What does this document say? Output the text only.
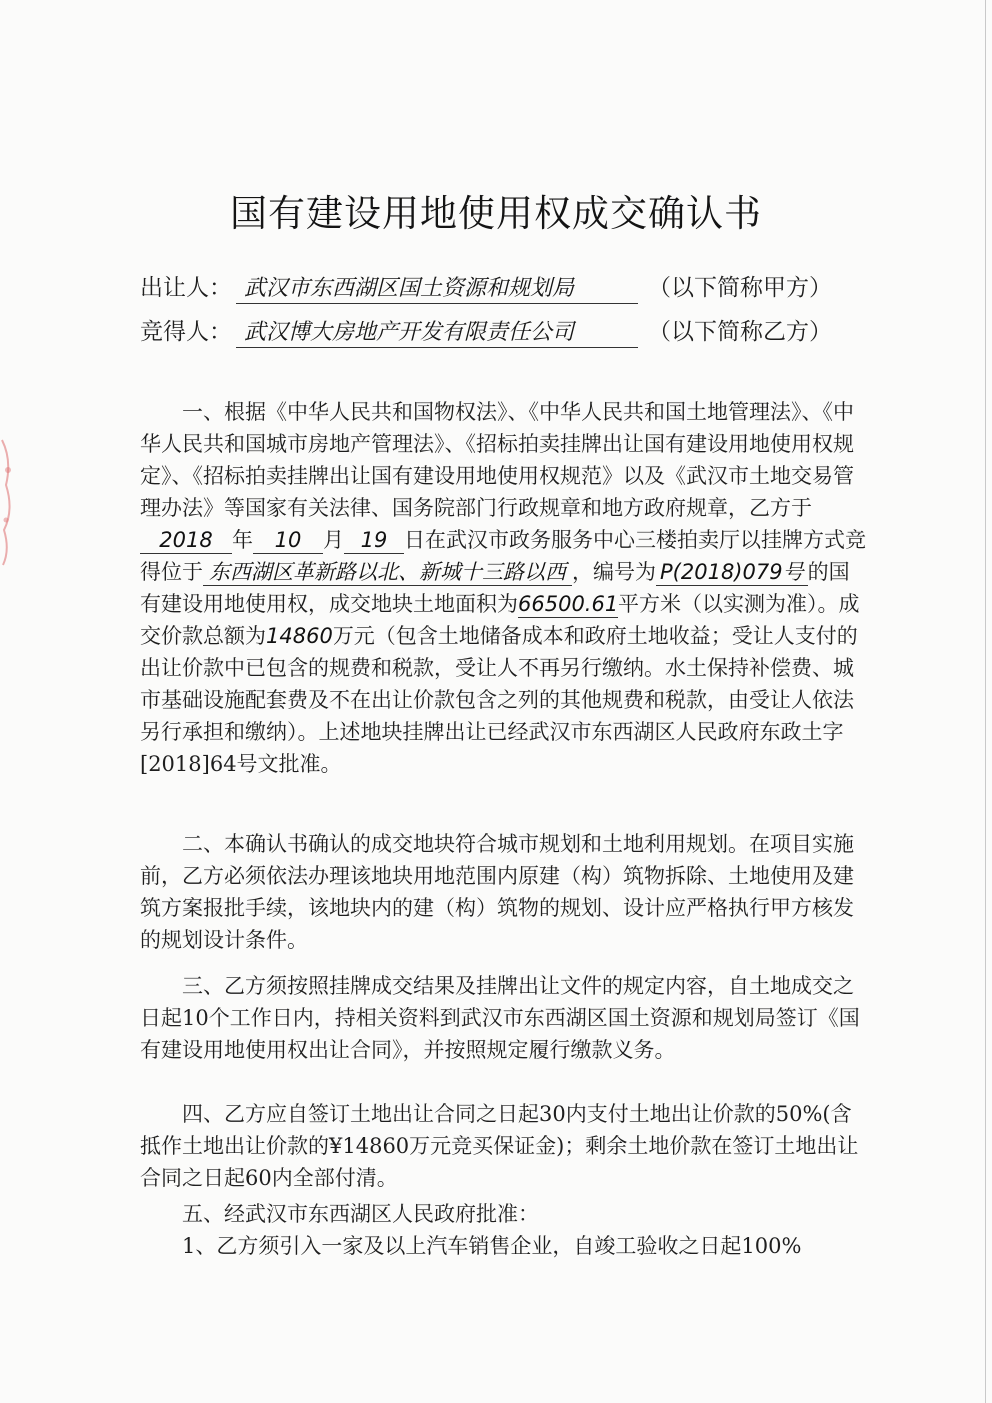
国有建设用地使用权成交确认书
出让人： 武汉市东西湖区国土资源和规划局	（以下简称甲方）
竞得人： 武汉博大房地产开发有限责任公司	（以下简称乙方）

一、根据《中华人民共和国物权法》、《中华人民共和国土地管理法》、《中华人民共和国城市房地产管理法》、《招标拍卖挂牌出让国有建设用地使用权规定》、《招标拍卖挂牌出让国有建设用地使用权规范》以及《武汉市土地交易管理办法》等国家有关法律、国务院部门行政规章和地方政府规章，乙方于2018 年 10 月 19 日在武汉市政务服务中心三楼拍卖厅以挂牌方式竞得位于 东西湖区革新路以北、新城十三路以西 ，编号为 P(2018)079号 的国有建设用地使用权，成交地块土地面积为66500.61平方米（以实测为准）。成交价款总额为14860万元（包含土地储备成本和政府土地收益；受让人支付的出让价款中已包含的规费和税款，受让人不再另行缴纳。水土保持补偿费、城市基础设施配套费及不在出让价款包含之列的其他规费和税款，由受让人依法另行承担和缴纳）。上述地块挂牌出让已经武汉市东西湖区人民政府东政土字[2018]64号文批准。

二、本确认书确认的成交地块符合城市规划和土地利用规划。在项目实施前，乙方必须依法办理该地块用地范围内原建（构）筑物拆除、土地使用及建筑方案报批手续，该地块内的建（构）筑物的规划、设计应严格执行甲方核发的规划设计条件。

三、乙方须按照挂牌成交结果及挂牌出让文件的规定内容，自土地成交之日起10个工作日内，持相关资料到武汉市东西湖区国土资源和规划局签订《国有建设用地使用权出让合同》，并按照规定履行缴款义务。

四、乙方应自签订土地出让合同之日起30内支付土地出让价款的50%(含抵作土地出让价款的¥14860万元竞买保证金)；剩余土地价款在签订土地出让合同之日起60内全部付清。

五、经武汉市东西湖区人民政府批准：

1、乙方须引入一家及以上汽车销售企业，自竣工验收之日起100%
